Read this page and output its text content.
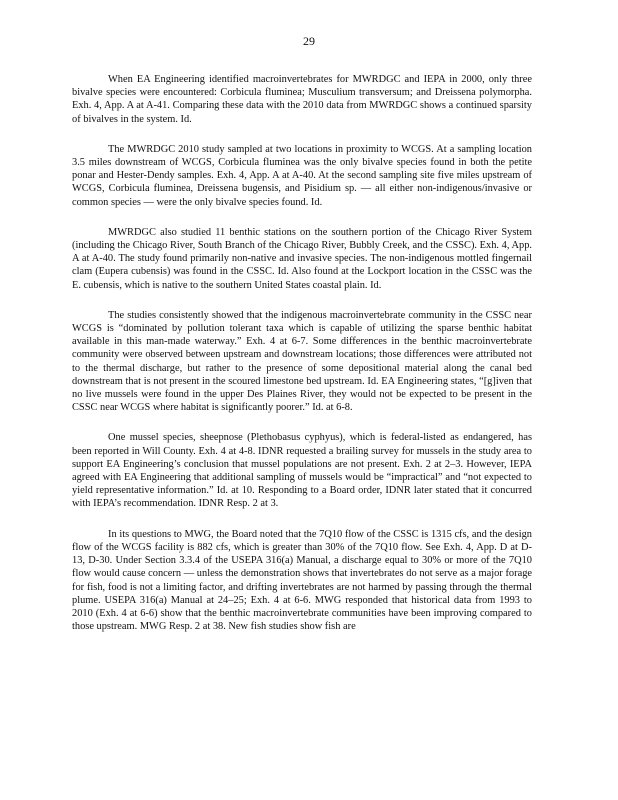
29

When EA Engineering identified macroinvertebrates for MWRDGC and IEPA in 2000, only three bivalve species were encountered: Corbicula fluminea; Musculium transversum; and Dreissena polymorpha. Exh. 4, App. A at A-41. Comparing these data with the 2010 data from MWRDGC shows a continued sparsity of bivalves in the system. Id.

The MWRDGC 2010 study sampled at two locations in proximity to WCGS. At a sampling location 3.5 miles downstream of WCGS, Corbicula fluminea was the only bivalve species found in both the petite ponar and Hester-Dendy samples. Exh. 4, App. A at A-40. At the second sampling site five miles upstream of WCGS, Corbicula fluminea, Dreissena bugensis, and Pisidium sp. — all either non-indigenous/invasive or common species — were the only bivalve species found. Id.

MWRDGC also studied 11 benthic stations on the southern portion of the Chicago River System (including the Chicago River, South Branch of the Chicago River, Bubbly Creek, and the CSSC). Exh. 4, App. A at A-40. The study found primarily non-native and invasive species. The non-indigenous mottled fingernail clam (Eupera cubensis) was found in the CSSC. Id. Also found at the Lockport location in the CSSC was the E. cubensis, which is native to the southern United States coastal plain. Id.

The studies consistently showed that the indigenous macroinvertebrate community in the CSSC near WCGS is “dominated by pollution tolerant taxa which is capable of utilizing the sparse benthic habitat available in this man-made waterway.” Exh. 4 at 6-7. Some differences in the benthic macroinvertebrate community were observed between upstream and downstream locations; those differences were attributed not to the thermal discharge, but rather to the presence of some depositional material along the canal bed downstream that is not present in the scoured limestone bed upstream. Id. EA Engineering states, “[g]iven that no live mussels were found in the upper Des Plaines River, they would not be expected to be present in the CSSC near WCGS where habitat is significantly poorer.” Id. at 6-8.

One mussel species, sheepnose (Plethobasus cyphyus), which is federal-listed as endangered, has been reported in Will County. Exh. 4 at 4-8. IDNR requested a brailing survey for mussels in the study area to support EA Engineering’s conclusion that mussel populations are not present. Exh. 2 at 2–3. However, IEPA agreed with EA Engineering that additional sampling of mussels would be “impractical” and “not expected to yield representative information.” Id. at 10. Responding to a Board order, IDNR later stated that it concurred with IEPA’s recommendation. IDNR Resp. 2 at 3.

In its questions to MWG, the Board noted that the 7Q10 flow of the CSSC is 1315 cfs, and the design flow of the WCGS facility is 882 cfs, which is greater than 30% of the 7Q10 flow. See Exh. 4, App. D at D-13, D-30. Under Section 3.3.4 of the USEPA 316(a) Manual, a discharge equal to 30% or more of the 7Q10 flow would cause concern — unless the demonstration shows that invertebrates do not serve as a major forage for fish, food is not a limiting factor, and drifting invertebrates are not harmed by passing through the thermal plume. USEPA 316(a) Manual at 24–25; Exh. 4 at 6-6. MWG responded that historical data from 1993 to 2010 (Exh. 4 at 6-6) show that the benthic macroinvertebrate communities have been improving compared to those upstream. MWG Resp. 2 at 38. New fish studies show fish are
